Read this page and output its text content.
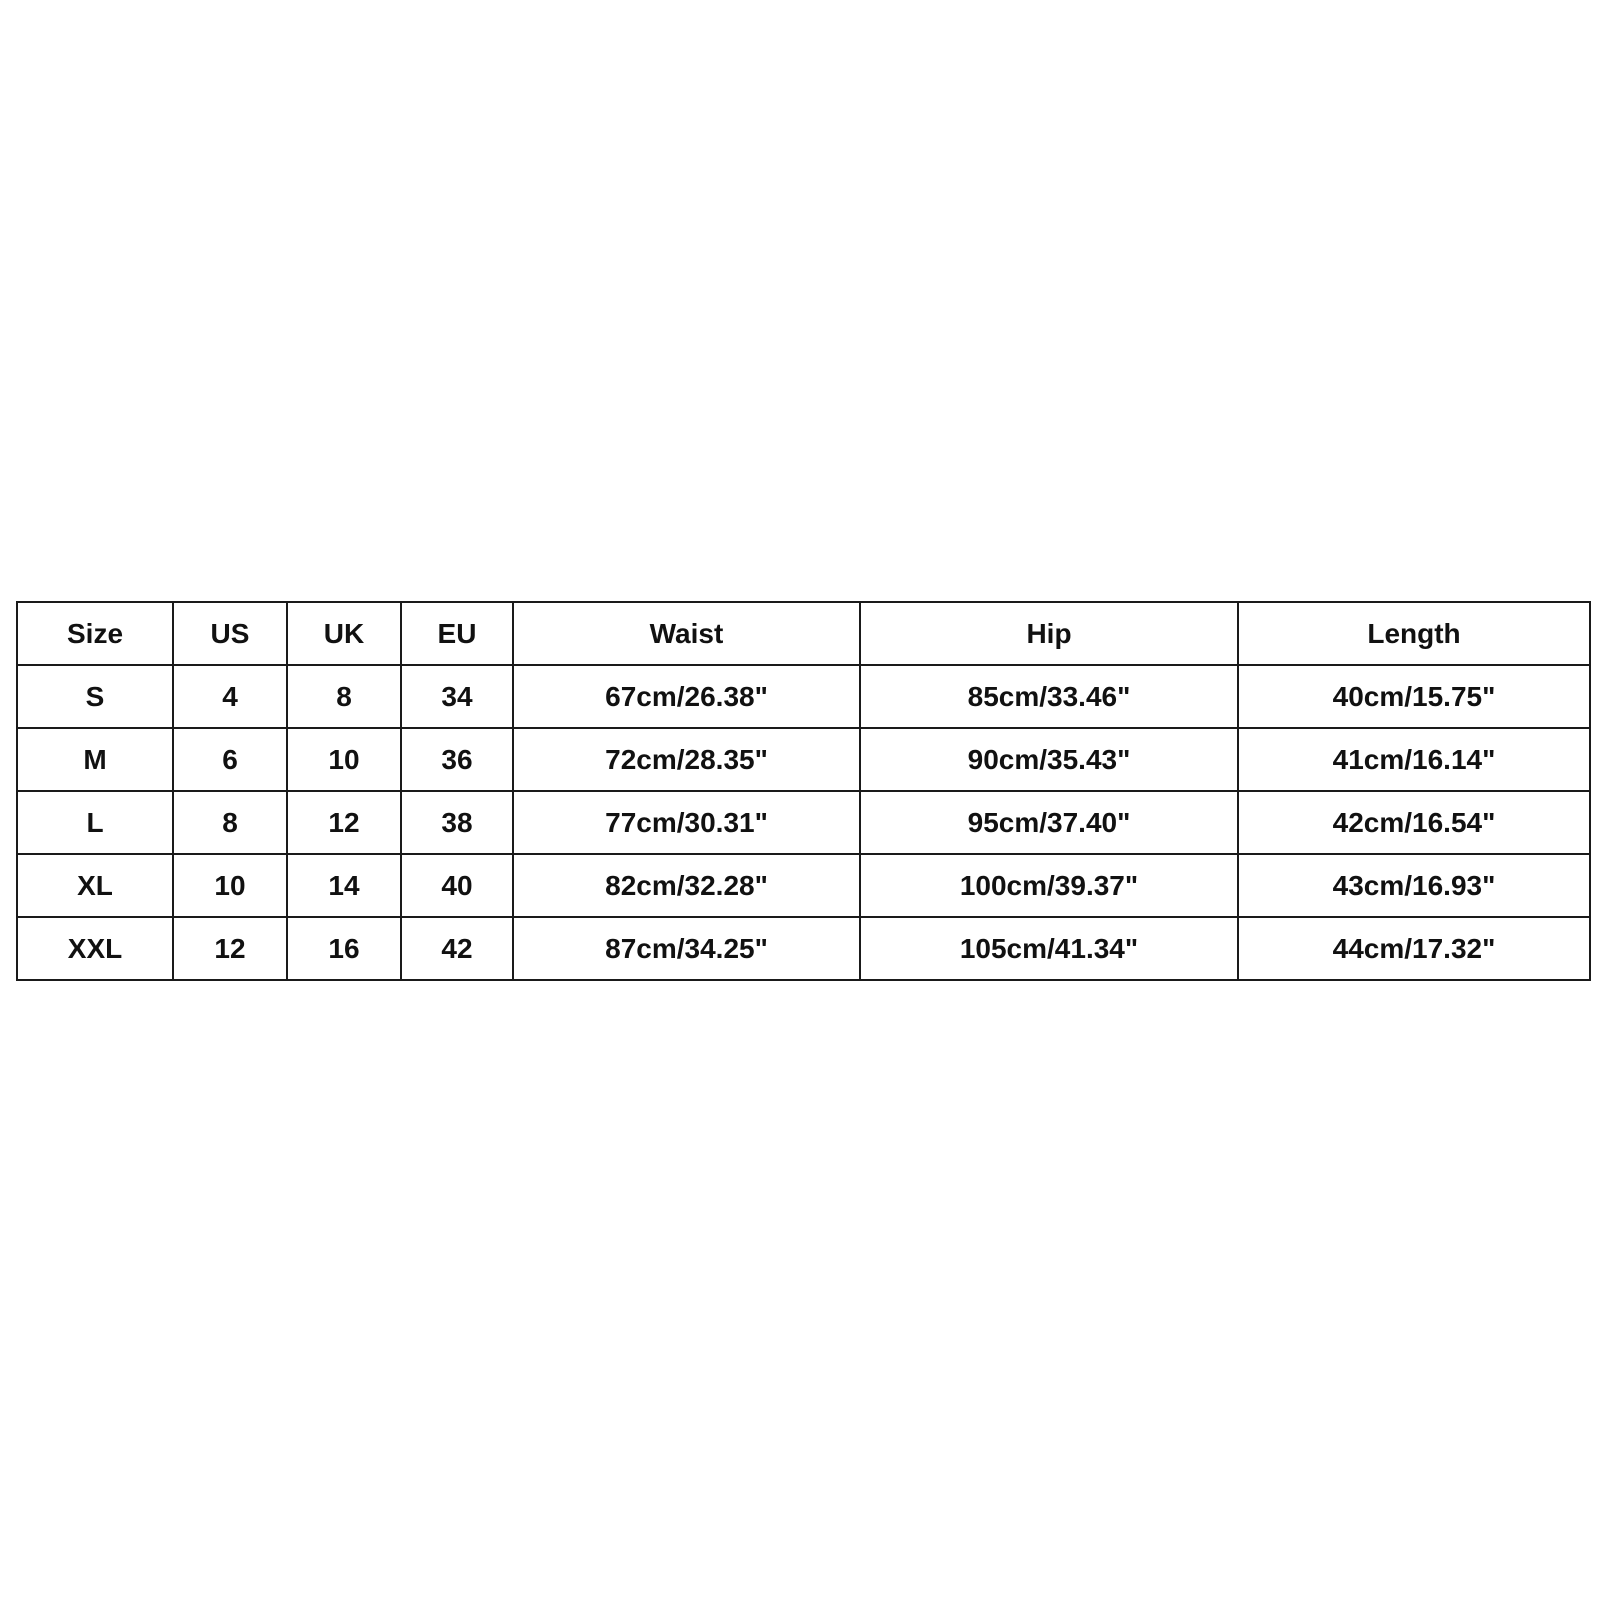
Size	US	UK	EU	Waist	Hip	Length
S	4	8	34	67cm/26.38"	85cm/33.46"	40cm/15.75"
M	6	10	36	72cm/28.35"	90cm/35.43"	41cm/16.14"
L	8	12	38	77cm/30.31"	95cm/37.40"	42cm/16.54"
XL	10	14	40	82cm/32.28"	100cm/39.37"	43cm/16.93"
XXL	12	16	42	87cm/34.25"	105cm/41.34"	44cm/17.32"
